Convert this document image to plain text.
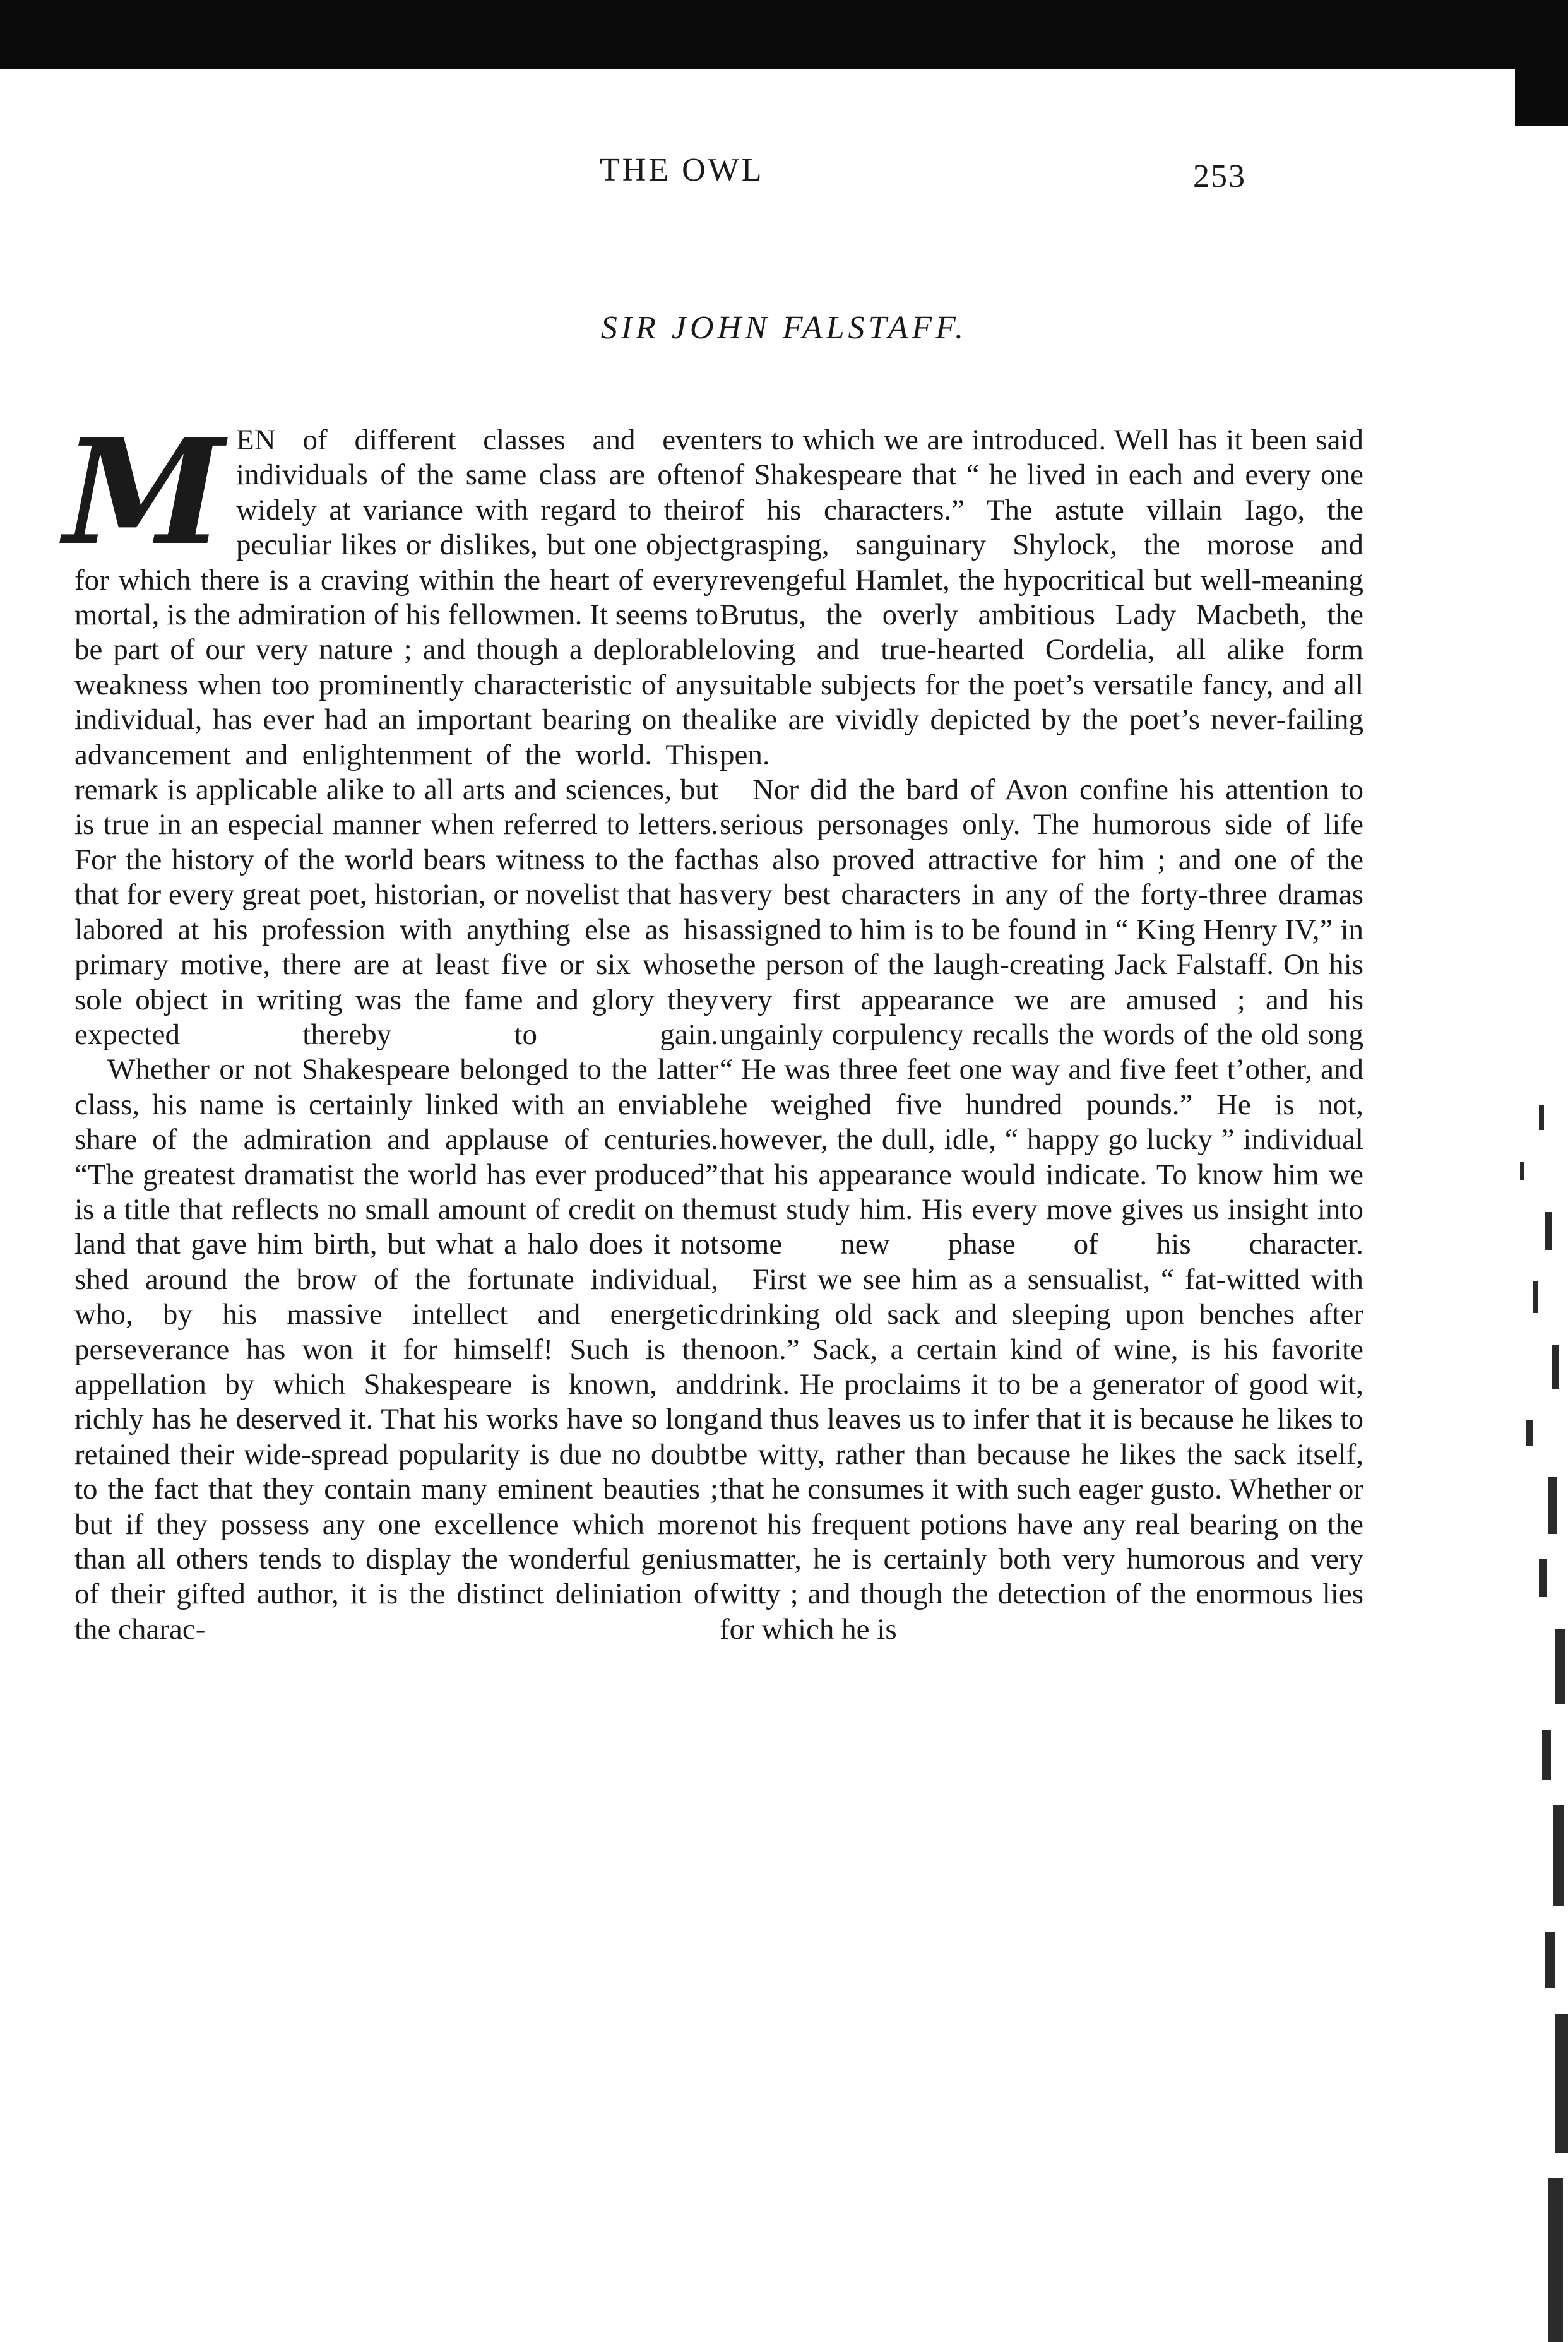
THE OWL	253
SIR JOHN FALSTAFF.
M EN of different classes and even individuals of the same class are often widely at variance with regard to their peculiar likes or dislikes, but one object for which there is a craving within the heart of every mortal, is the admiration of his fellowmen. It seems to be part of our very nature ; and though a deplorable weakness when too prominently characteristic of any individual, has ever had an important bearing on the advancement and enlightenment of the world. This remark is applicable alike to all arts and sciences, but is true in an especial manner when referred to letters. For the history of the world bears witness to the fact that for every great poet, historian, or novelist that has labored at his profession with anything else as his primary motive, there are at least five or six whose sole object in writing was the fame and glory they expected thereby to gain.

Whether or not Shakespeare belonged to the latter class, his name is certainly linked with an enviable share of the admiration and applause of centuries. “The greatest dramatist the world has ever produced” is a title that reflects no small amount of credit on the land that gave him birth, but what a halo does it not shed around the brow of the fortunate individual, who, by his massive intellect and energetic perseverance has won it for himself! Such is the appellation by which Shakespeare is known, and richly has he deserved it. That his works have so long retained their wide-spread popularity is due no doubt to the fact that they contain many eminent beauties ; but if they possess any one excellence which more than all others tends to display the wonderful genius of their gifted author, it is the distinct deliniation of the charac-

ters to which we are introduced. Well has it been said of Shakespeare that “ he lived in each and every one of his characters.” The astute villain Iago, the grasping, sanguinary Shylock, the morose and revengeful Hamlet, the hypocritical but well-meaning Brutus, the overly ambitious Lady Macbeth, the loving and true-hearted Cordelia, all alike form suitable subjects for the poet’s versatile fancy, and all alike are vividly depicted by the poet’s never-failing pen.

Nor did the bard of Avon confine his attention to serious personages only. The humorous side of life has also proved attractive for him ; and one of the very best characters in any of the forty-three dramas assigned to him is to be found in “ King Henry IV,” in the person of the laugh-creating Jack Falstaff. On his very first appearance we are amused ; and his ungainly corpulency recalls the words of the old song “ He was three feet one way and five feet t’other, and he weighed five hundred pounds.” He is not, however, the dull, idle, “ happy go lucky ” individual that his appearance would indicate. To know him we must study him. His every move gives us insight into some new phase of his character.

First we see him as a sensualist, “ fat-witted with drinking old sack and sleeping upon benches after noon.” Sack, a certain kind of wine, is his favorite drink. He proclaims it to be a generator of good wit, and thus leaves us to infer that it is because he likes to be witty, rather than because he likes the sack itself, that he consumes it with such eager gusto. Whether or not his frequent potions have any real bearing on the matter, he is certainly both very humorous and very witty ; and though the detection of the enormous lies for which he is
